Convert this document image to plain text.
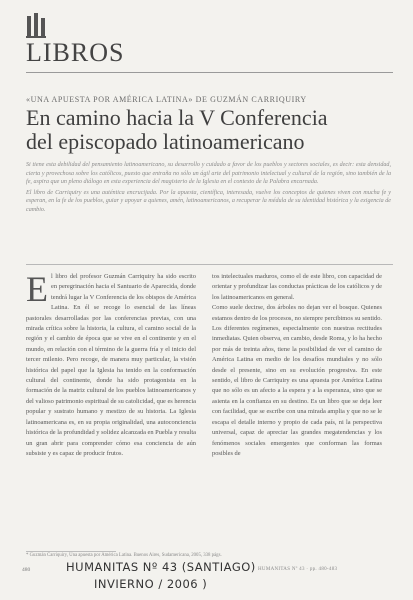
LIBROS
«UNA APUESTA POR AMÉRICA LATINA» DE GUZMÁN CARRIQUIRY
En camino hacia la V Conferencia
del episcopado latinoamericano

Si tiene esta debilidad del pensamiento latinoamericano, su desarrollo y cuidado a favor de los pueblos y sectores sociales, es decir: esta densidad, cierta y provechosa sobre los católicos, puesto que entraña no sólo un ágil arte del patrimonio intelectual y cultural de la región, sino también de la fe, aspira que un pleno diálogo en esta experiencia del magisterio de la Iglesia en el contexto de la Palabra encarnada.

El libro de Carriquiry es una auténtica encrucijada. Por la apuesta, científica, interesada, vuelve los conceptos de quienes viven con mucha fe y esperan, en la fe de los pueblos, guiar y apoyar a quienes, amén, latinoamericanos, a recuperar la médula de su identidad histórica y la exigencia de cambio.

E l libro del profesor Guzmán Carriquiry ha sido escrito en peregrinación hacia el Santuario de Aparecida, donde tendrá lugar la V Conferencia de los obispos de América Latina. En él se recoge lo esencial de las líneas pastorales desarrolladas por las conferencias previas, con una mirada crítica sobre la historia, la cultura, el camino social de la región y el cambio de época que se vive en el continente y en el mundo, en relación con el término de la guerra fría y el inicio del tercer milenio. Pero recoge, de manera muy particular, la visión histórica del papel que la Iglesia ha tenido en la conformación cultural del continente, donde ha sido protagonista en la formación de la matriz cultural de los pueblos latinoamericanos y del valioso patrimonio espiritual de su catolicidad, que es herencia popular y sustrato humano y mestizo de su historia. La Iglesia latinoamericana es, en su propia originalidad, una autoconciencia histórica de la profundidad y solidez alcanzada en Puebla y resulta un gran abrir para comprender cómo esa conciencia de aún subsiste y es capaz de producir frutos.

tos intelectuales maduros, como el de este libro, con capacidad de orientar y profundizar las conductas prácticas de los católicos y de los latinoamericanos en general.

Como suele decirse, dos árboles no dejan ver el bosque. Quienes estamos dentro de los procesos, no siempre percibimos su sentido. Los diferentes regímenes, especialmente con nuestras rectitudes inmediatas. Quien observa, en cambio, desde Roma, y lo ha hecho por más de treinta años, tiene la posibilidad de ver el camino de América Latina en medio de los desafíos mundiales y no sólo desde el presente, sino en su evolución progresiva. En este sentido, el libro de Carriquiry es una apuesta por América Latina que no sólo es un afecto a la espera y a la esperanza, sino que se asienta en la confianza en su destino. Es un libro que se deja leer con facilidad, que se escribe con una mirada amplia y que no se le escapa el detalle interno y propio de cada país, ni la perspectiva universal, capaz de apreciar las grandes megatendencias y los fenómenos sociales emergentes que conforman las formas posibles de

* Guzmán Carriquiry, Una apuesta por América Latina. Buenos Aires, Sudamericana, 2005, 338 págs.
480	HUMANITAS Nº 43 · pp. 480-483
HUMANITAS Nº 43 (SANTIAGO)
INVIERNO / 2006 )
